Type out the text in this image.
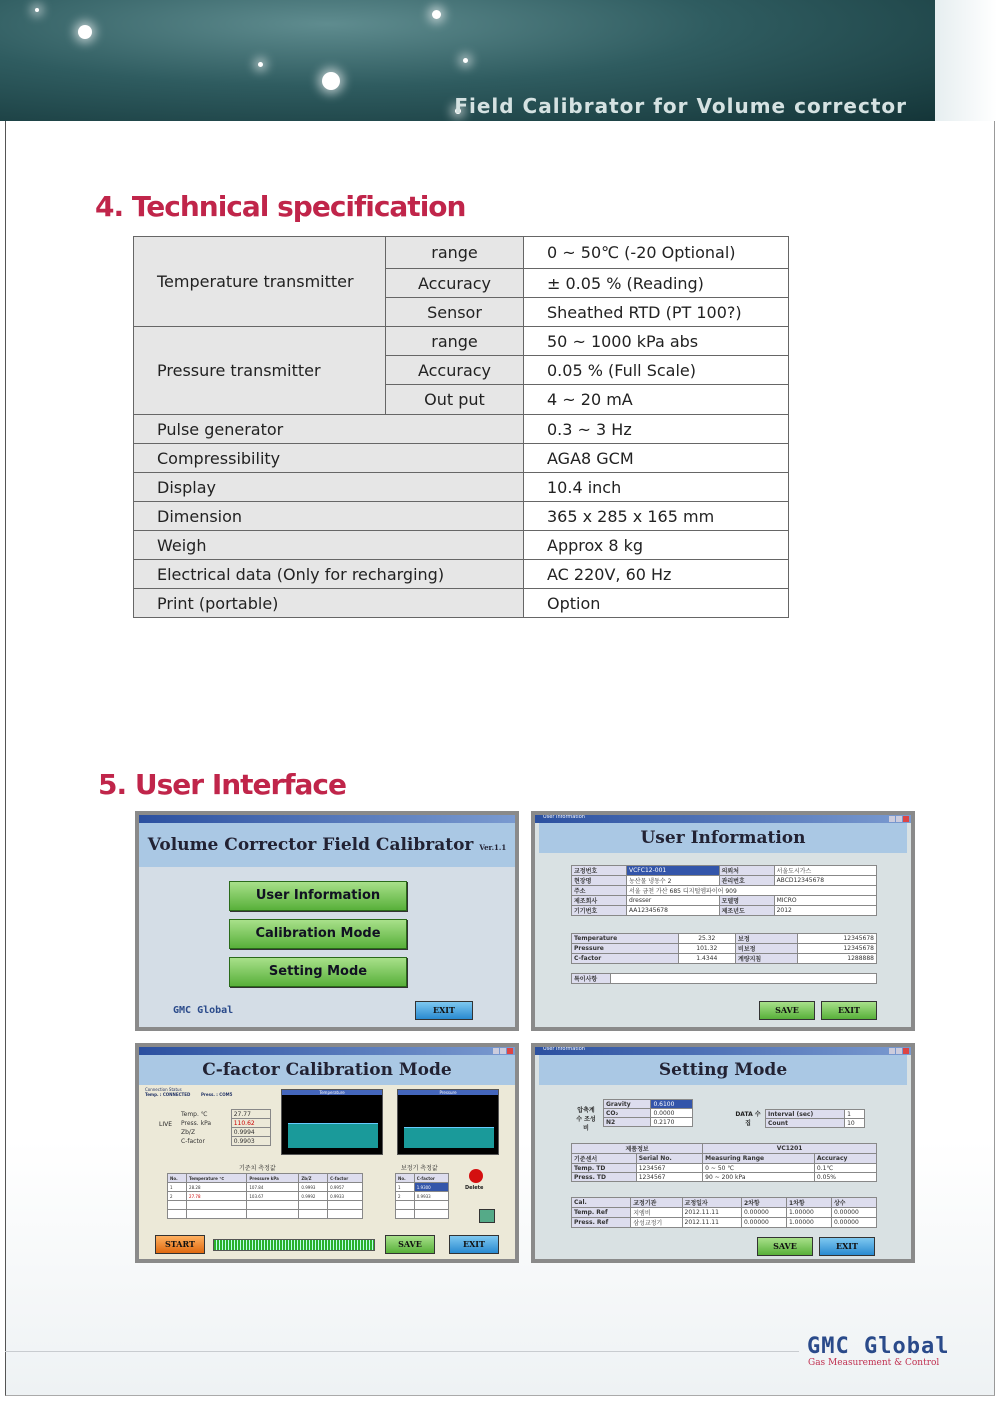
Field Calibrator for Volume corrector
4. Technical specification
Temperature transmitter	range	0 ~ 50℃ (-20 Optional)
	Accuracy	± 0.05 % (Reading)
	Sensor	Sheathed RTD (PT 100?)
Pressure transmitter	range	50 ~ 1000 kPa abs
	Accuracy	0.05 % (Full Scale)
	Out put	4 ~ 20 mA
Pulse generator		0.3 ~ 3 Hz
Compressibility		AGA8 GCM
Display		10.4 inch
Dimension		365 x 285 x 165 mm
Weigh		Approx 8 kg
Electrical data (Only for recharging)		AC 220V, 60 Hz
Print (portable)		Option
5. User Interface
Volume Corrector Field Calibrator Ver.1.1
User Information
Calibration Mode
Setting Mode
GMC Global	EXIT
User Information
User Information
교정번호	VCFC12-001	의뢰처	서울도시가스
현장명	농산물 냉동수 2	관리번호	ABCD12345678
주소	서울 금천 가산 685 디지털엠파이어 909		
제조회사	dresser	모델명	MICRO
기기번호	AA12345678	제조년도	2012
Temperature	25.32	보정	12345678
Pressure	101.32	비보정	12345678
C-factor	1.4344	계량지침	1288888
특이사항	
SAVE	EXIT
C-factor Calibration Mode
Connection Status
Temp. : CONNECTED	Press. : COM5
LIVE
Temp. ℃	27.77
Press. kPa	110.62
Zb/Z	0.9994
C-factor	0.9903
Temperature	Pressure
기준치 측정값
No.	Temperature ℃	Pressure kPa	Zb/Z	C-factor
1	28.28	107.84	0.9993	0.9957
2	27.78	103.67	0.9992	0.9933

보정기 측정값
No.	C-factor
1	1.9300
2	0.9933

Delete
START	SAVE	EXIT
User Information
Setting Mode
압축계수 조성비
Gravity	0.6100
CO₂	0.0000
N2	0.2170
DATA 수집
Interval (sec)	1
Count	10
제품정보		VC1201	
기준센서	Serial No.	Measuring Range	Accuracy
Temp. TD	1234567	0 ~ 50 ℃	0.1℃
Press. TD	1234567	90 ~ 200 kPa	0.05%
Cal.	교정기관	교정일자	2차항	1차항	상수
Temp. Ref	지엠비	2012.11.11	0.00000	1.00000	0.00000
Press. Ref	삼성교정기	2012.11.11	0.00000	1.00000	0.00000
SAVE	EXIT
GMC Global
Gas Measurement & Control
